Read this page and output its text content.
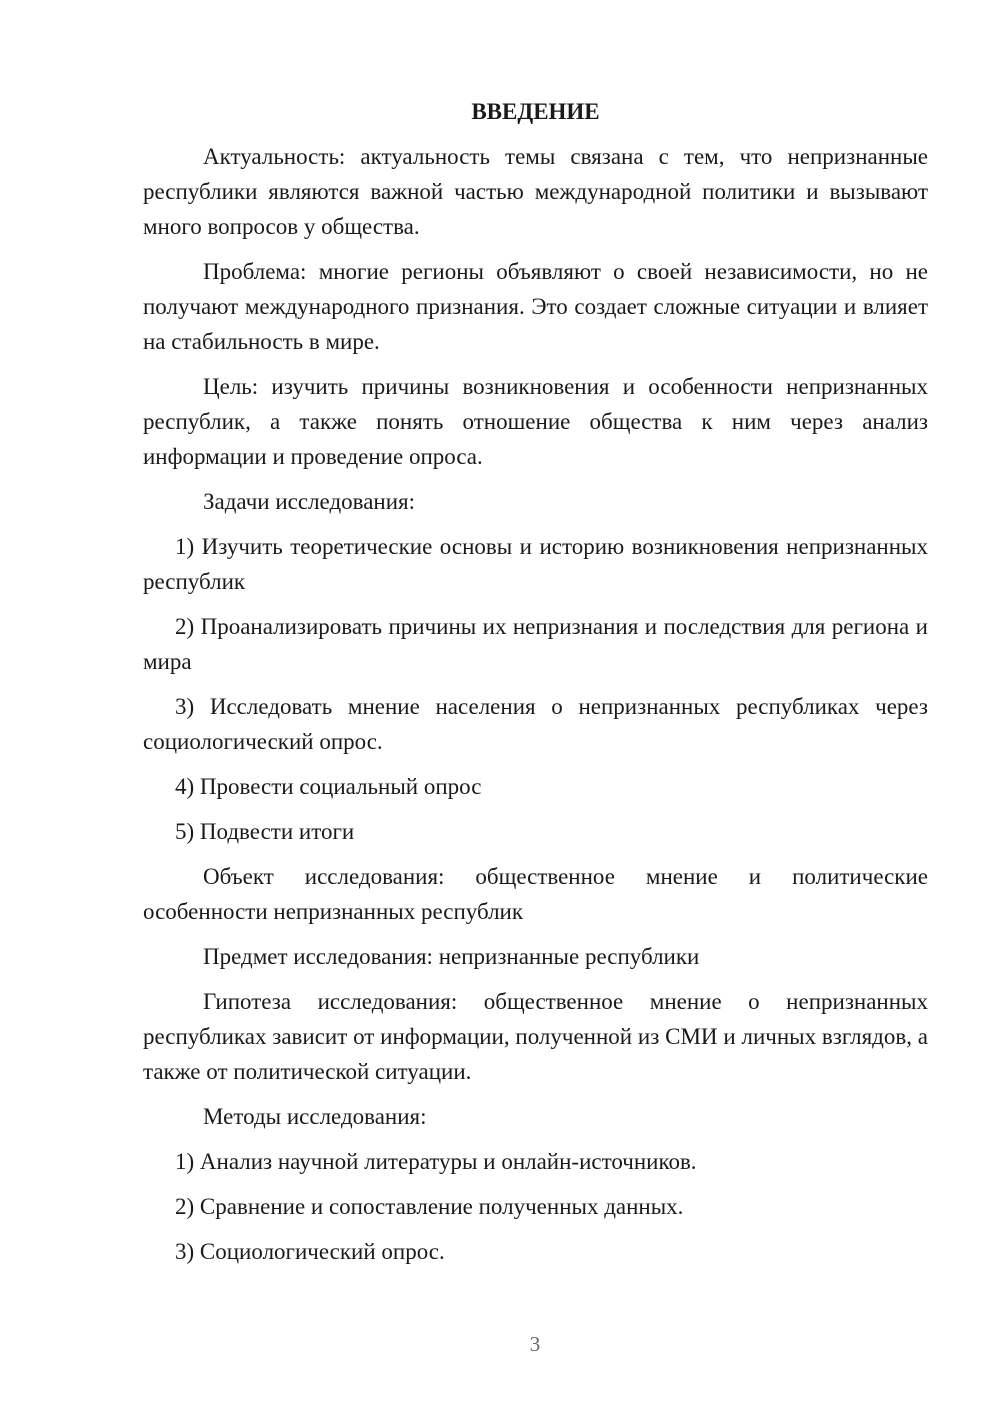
ВВЕДЕНИЕ

Актуальность: актуальность темы связана с тем, что непризнанные республики являются важной частью международной политики и вызывают много вопросов у общества.

Проблема: многие регионы объявляют о своей независимости, но не получают международного признания. Это создает сложные ситуации и влияет на стабильность в мире.

Цель: изучить причины возникновения и особенности непризнанных республик, а также понять отношение общества к ним через анализ информации и проведение опроса.

Задачи исследования:

1) Изучить теоретические основы и историю возникновения непризнанных республик

2) Проанализировать причины их непризнания и последствия для региона и мира

3) Исследовать мнение населения о непризнанных республиках через социологический опрос.

4) Провести социальный опрос

5) Подвести итоги

Объект исследования: общественное мнение и политические особенности непризнанных республик

Предмет исследования: непризнанные республики

Гипотеза исследования: общественное мнение о непризнанных республиках зависит от информации, полученной из СМИ и личных взглядов, а также от политической ситуации.

Методы исследования:

1) Анализ научной литературы и онлайн-источников.

2) Сравнение и сопоставление полученных данных.

3) Социологический опрос.

3
